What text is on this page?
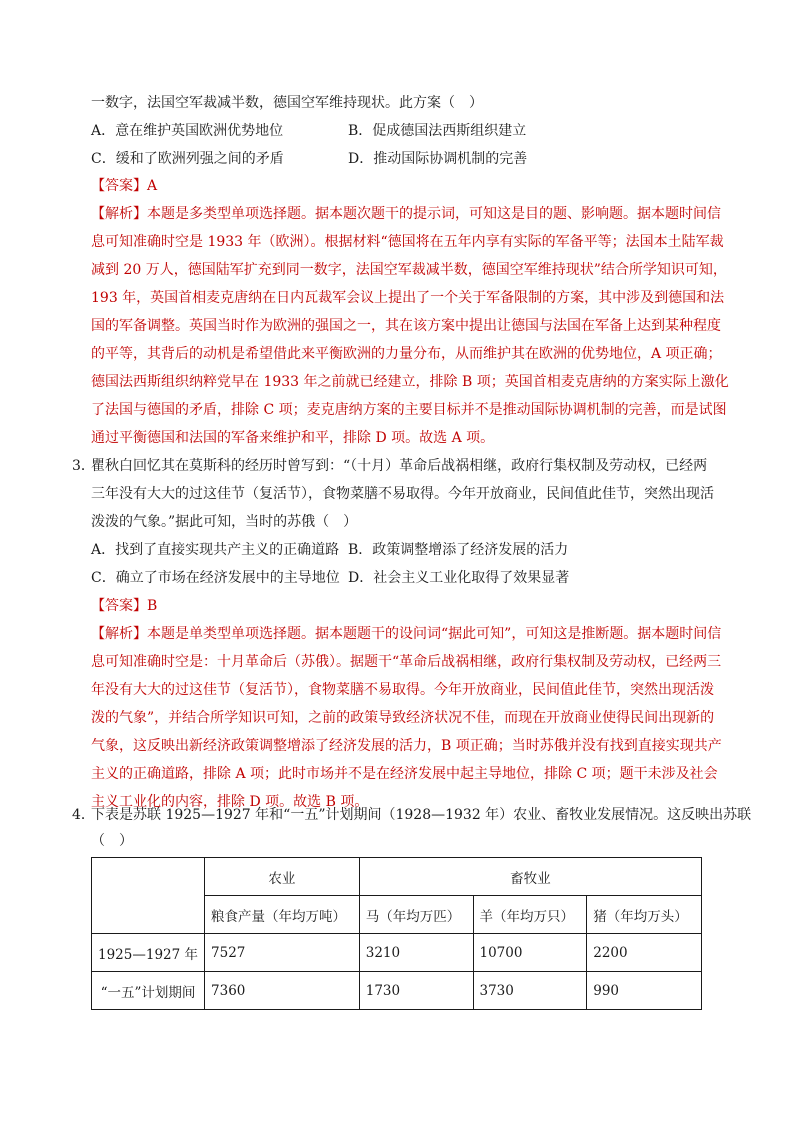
一数字，法国空军裁减半数，德国空军维持现状。此方案（　）
A．意在维护英国欧洲优势地位	B．促成德国法西斯组织建立
C．缓和了欧洲列强之间的矛盾	D．推动国际协调机制的完善
【答案】A
【解析】本题是多类型单项选择题。据本题次题干的提示词，可知这是目的题、影响题。据本题时间信
息可知准确时空是 1933 年（欧洲）。根据材料“德国将在五年内享有实际的军备平等；法国本土陆军裁
减到 20 万人，德国陆军扩充到同一数字，法国空军裁减半数，德国空军维持现状”结合所学知识可知，
193 年，英国首相麦克唐纳在日内瓦裁军会议上提出了一个关于军备限制的方案，其中涉及到德国和法
国的军备调整。英国当时作为欧洲的强国之一，其在该方案中提出让德国与法国在军备上达到某种程度
的平等，其背后的动机是希望借此来平衡欧洲的力量分布，从而维护其在欧洲的优势地位，A 项正确；
德国法西斯组织纳粹党早在 1933 年之前就已经建立，排除 B 项；英国首相麦克唐纳的方案实际上激化
了法国与德国的矛盾，排除 C 项；麦克唐纳方案的主要目标并不是推动国际协调机制的完善，而是试图
通过平衡德国和法国的军备来维护和平，排除 D 项。故选 A 项。
3．
瞿秋白回忆其在莫斯科的经历时曾写到：“（十月）革命后战祸相继，政府行集权制及劳动权，已经两
三年没有大大的过这佳节（复活节），食物菜膳不易取得。今年开放商业，民间值此佳节，突然出现活
泼泼的气象。”据此可知，当时的苏俄（　）
A．找到了直接实现共产主义的正确道路 B．政策调整增添了经济发展的活力
C．确立了市场在经济发展中的主导地位 D．社会主义工业化取得了效果显著
【答案】B
【解析】本题是单类型单项选择题。据本题题干的设问词“据此可知”，可知这是推断题。据本题时间信
息可知准确时空是：十月革命后（苏俄）。据题干“革命后战祸相继，政府行集权制及劳动权，已经两三
年没有大大的过这佳节（复活节），食物菜膳不易取得。今年开放商业，民间值此佳节，突然出现活泼
泼的气象”，并结合所学知识可知，之前的政策导致经济状况不佳，而现在开放商业使得民间出现新的
气象，这反映出新经济政策调整增添了经济发展的活力，B 项正确；当时苏俄并没有找到直接实现共产
主义的正确道路，排除 A 项；此时市场并不是在经济发展中起主导地位，排除 C 项；题干未涉及社会
主义工业化的内容，排除 D 项。故选 B 项。
4．
下表是苏联 1925—1927 年和“一五”计划期间（1928—1932 年）农业、畜牧业发展情况。这反映出苏联
（　）
	农业	畜牧业		
	粮食产量（年均万吨）	马（年均万匹）	羊（年均万只）	猪（年均万头）
1925—1927 年	7527	3210	10700	2200
“一五”计划期间	7360	1730	3730	990
